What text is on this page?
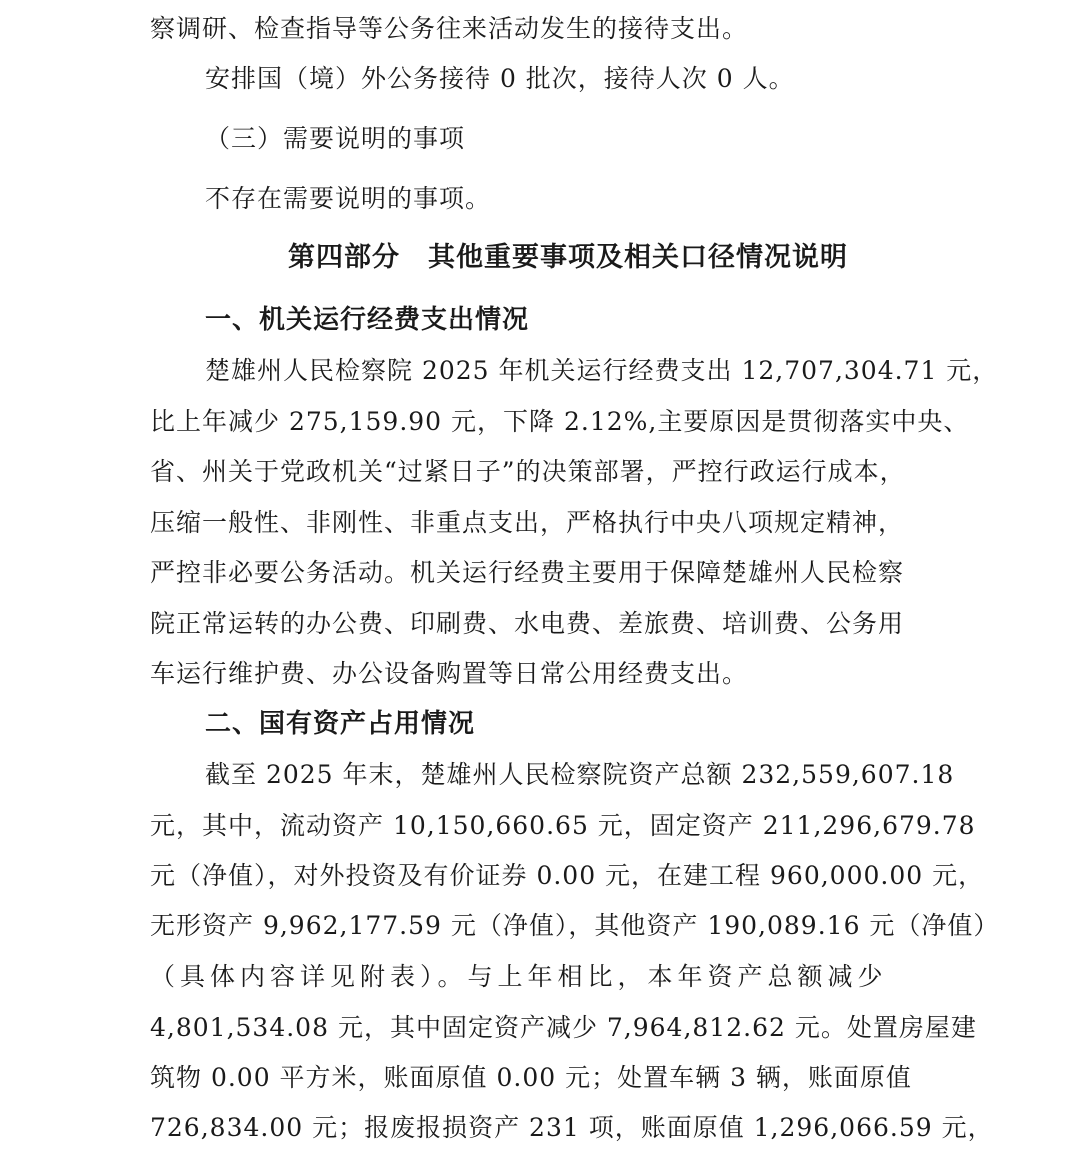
察调研、检查指导等公务往来活动发生的接待支出。
安排国（境）外公务接待 0 批次，接待人次 0 人。
（三）需要说明的事项
不存在需要说明的事项。
第四部分　其他重要事项及相关口径情况说明
一、机关运行经费支出情况
楚雄州人民检察院 2025 年机关运行经费支出 12,707,304.71 元，
比上年减少 275,159.90 元，下降 2.12%,主要原因是贯彻落实中央、
省、州关于党政机关“过紧日子”的决策部署，严控行政运行成本，
压缩一般性、非刚性、非重点支出，严格执行中央八项规定精神，
严控非必要公务活动。机关运行经费主要用于保障楚雄州人民检察
院正常运转的办公费、印刷费、水电费、差旅费、培训费、公务用
车运行维护费、办公设备购置等日常公用经费支出。
二、国有资产占用情况
截至 2025 年末，楚雄州人民检察院资产总额 232,559,607.18
元，其中，流动资产 10,150,660.65 元，固定资产 211,296,679.78
元（净值），对外投资及有价证券 0.00 元，在建工程 960,000.00 元，
无形资产 9,962,177.59 元（净值），其他资产 190,089.16 元（净值）
（具体内容详见附表）。与上年相比，本年资产总额减少
4,801,534.08 元，其中固定资产减少 7,964,812.62 元。处置房屋建
筑物 0.00 平方米，账面原值 0.00 元；处置车辆 3 辆，账面原值
726,834.00 元；报废报损资产 231 项，账面原值 1,296,066.59 元，
